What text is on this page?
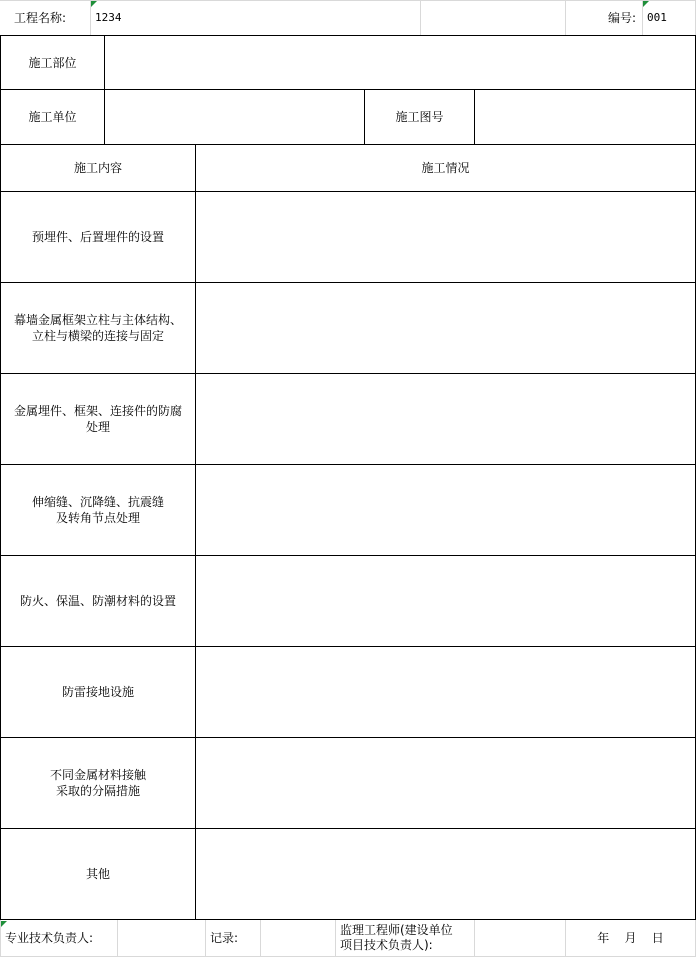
工程名称:	1234	编号:	001
施工部位
施工单位	施工图号
施工内容	施工情况
预埋件、后置埋件的设置
幕墙金属框架立柱与主体结构、
立柱与横梁的连接与固定
金属埋件、框架、连接件的防腐
处理
伸缩缝、沉降缝、抗震缝
及转角节点处理
防火、保温、防潮材料的设置
防雷接地设施
不同金属材料接触
采取的分隔措施
其他
专业技术负责人:	记录:
监理工程师(建设单位
项目技术负责人):	年    月    日
